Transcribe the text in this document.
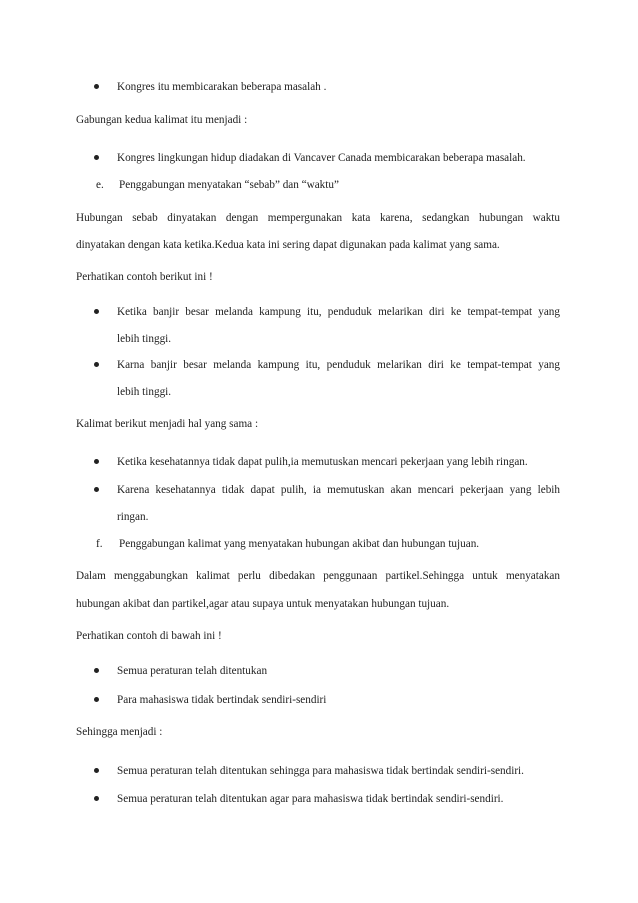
Kongres itu membicarakan beberapa masalah .
Gabungan kedua kalimat itu menjadi :
Kongres lingkungan hidup diadakan di Vancaver Canada membicarakan beberapa masalah.
e. Penggabungan menyatakan “sebab” dan “waktu”
Hubungan sebab dinyatakan dengan mempergunakan kata karena, sedangkan hubungan waktu
dinyatakan dengan kata ketika.Kedua kata ini sering dapat digunakan pada kalimat yang sama.
Perhatikan contoh berikut ini !
Ketika banjir besar melanda kampung itu, penduduk melarikan diri ke tempat-tempat yang
lebih tinggi.
Karna banjir besar melanda kampung itu, penduduk melarikan diri ke tempat-tempat yang
lebih tinggi.
Kalimat berikut menjadi hal yang sama :
Ketika kesehatannya tidak dapat pulih,ia memutuskan mencari pekerjaan yang lebih ringan.
Karena kesehatannya tidak dapat pulih, ia memutuskan akan mencari pekerjaan yang lebih
ringan.
f. Penggabungan kalimat yang menyatakan hubungan akibat dan hubungan tujuan.
Dalam menggabungkan kalimat perlu dibedakan penggunaan partikel.Sehingga untuk menyatakan
hubungan akibat dan partikel,agar atau supaya untuk menyatakan hubungan tujuan.
Perhatikan contoh di bawah ini !
Semua peraturan telah ditentukan
Para mahasiswa tidak bertindak sendiri-sendiri
Sehingga menjadi :
Semua peraturan telah ditentukan sehingga para mahasiswa tidak bertindak sendiri-sendiri.
Semua peraturan telah ditentukan agar para mahasiswa tidak bertindak sendiri-sendiri.
